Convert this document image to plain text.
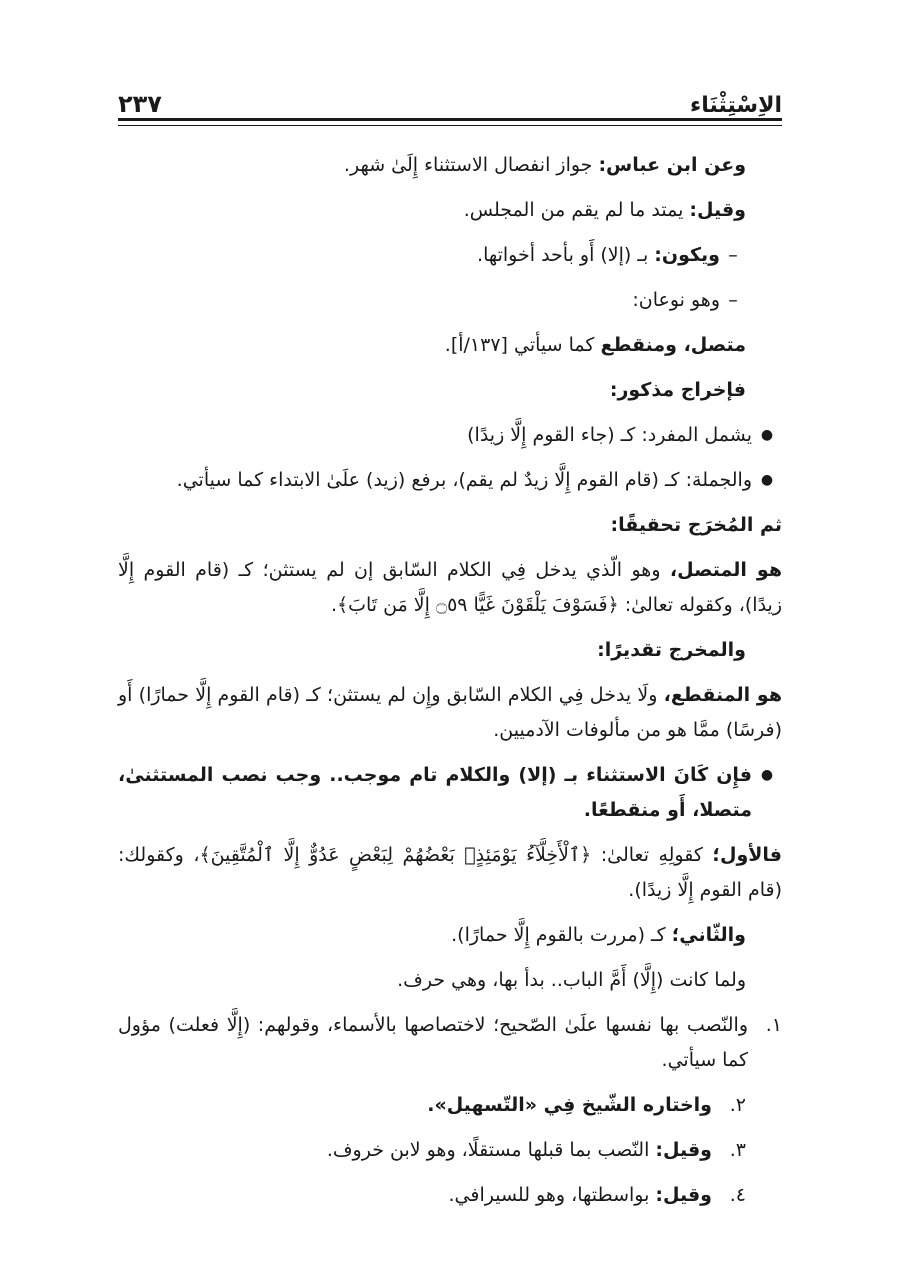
الاِسْتِثْنَاء
٢٣٧

وعن ابن عباس: جواز انفصال الاستثناء إِلَىٰ شهر.

وقيل: يمتد ما لم يقم من المجلس.

–
ويكون: بـ (إلا) أَو بأحد أخواتها.
–
وهو نوعان:

متصل، ومنقطع كما سيأتي [١٣٧/أ].

فإخراج مذكور:

●
يشمل المفرد: كـ (جاء القوم إِلَّا زيدًا)
●
والجملة: كـ (قام القوم إِلَّا زيدٌ لم يقم)، برفع (زيد) علَىٰ الابتداء كما سيأتي.

ثم المُخرَج تحقيقًا:

هو المتصل، وهو الّذي يدخل فِي الكلام السّابق إن لم يستثن؛ كـ (قام القوم إِلَّا زيدًا)، وكقوله تعالىٰ: ﴿فَسَوْفَ يَلْقَوْنَ غَيًّا ۝٥٩ إِلَّا مَن تَابَ﴾.

والمخرج تقديرًا:

هو المنقطع، ولَا يدخل فِي الكلام السّابق وإِن لم يستثن؛ كـ (قام القوم إِلَّا حمارًا) أَو (فرسًا) ممَّا هو من مألوفات الآدميين.

●
فإِن كَانَ الاستثناء بـ (إلا) والكلام تام موجب.. وجب نصب المستثنىٰ، متصلا، أَو منقطعًا.

فالأول؛ كقولِهِ تعالىٰ: ﴿ٱلْأَخِلَّآءُ يَوْمَئِذٍۭ بَعْضُهُمْ لِبَعْضٍ عَدُوٌّ إِلَّا ٱلْمُتَّقِينَ﴾، وكقولك: (قام القوم إِلَّا زيدًا).

والثّاني؛ كـ (مررت بالقوم إِلَّا حمارًا).

ولما كانت (إِلَّا) أَمَّ الباب.. بدأ بها، وهي حرف.

١.
والنّصب بها نفسها علَىٰ الصّحيح؛ لاختصاصها بالأسماء، وقولهم: (إِلَّا فعلت) مؤول كما سيأتي.
٢.
واختاره الشّيخ فِي «التّسهيل».
٣.
وقيل: النّصب بما قبلها مستقلًا، وهو لابن خروف.
٤.
وقيل: بواسطتها، وهو للسيرافي.
